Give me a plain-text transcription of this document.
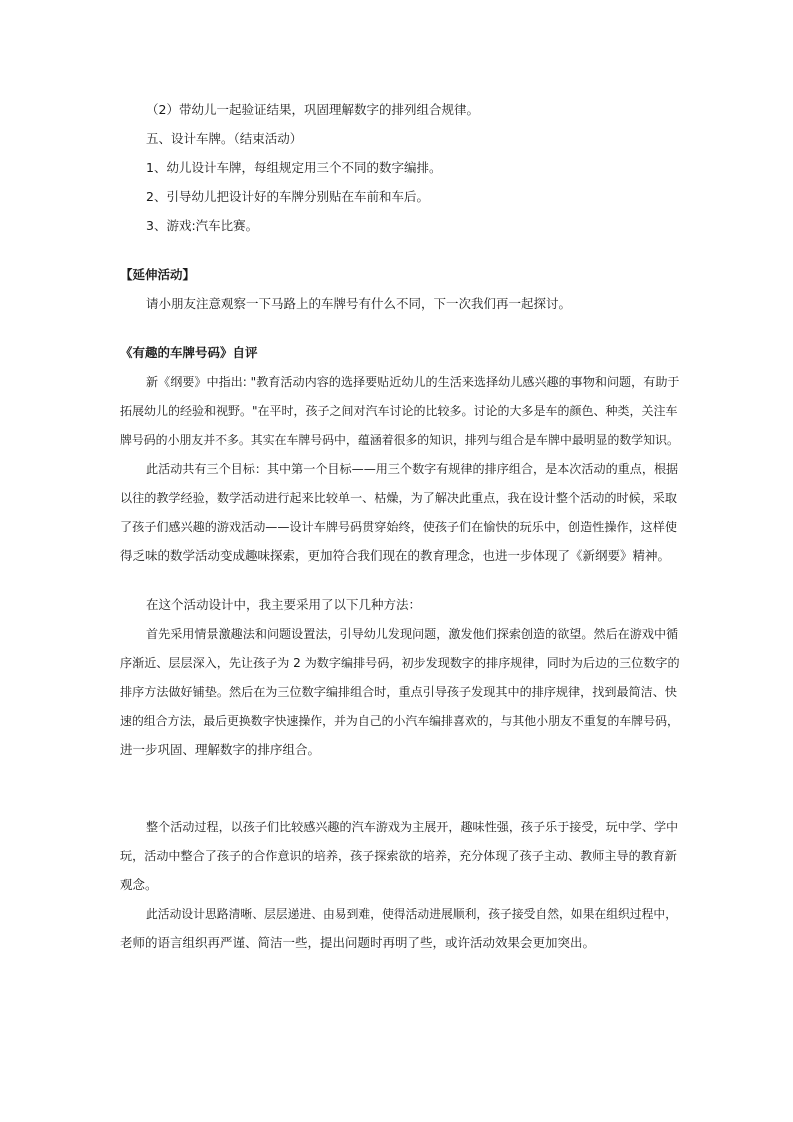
（2）带幼儿一起验证结果，巩固理解数字的排列组合规律。
五、设计车牌。（结束活动）
1、幼儿设计车牌，每组规定用三个不同的数字编排。
2、引导幼儿把设计好的车牌分别贴在车前和车后。
3、游戏:汽车比赛。
【延伸活动】
请小朋友注意观察一下马路上的车牌号有什么不同，下一次我们再一起探讨。
《有趣的车牌号码》自评
新《纲要》中指出: "教育活动内容的选择要贴近幼儿的生活来选择幼儿感兴趣的事物和问题，有助于
拓展幼儿的经验和视野。"在平时，孩子之间对汽车讨论的比较多。讨论的大多是车的颜色、种类，关注车
牌号码的小朋友并不多。其实在车牌号码中，蕴涵着很多的知识，排列与组合是车牌中最明显的数学知识。
此活动共有三个目标：其中第一个目标——用三个数字有规律的排序组合，是本次活动的重点，根据
以往的教学经验，数学活动进行起来比较单一、枯燥，为了解决此重点，我在设计整个活动的时候，采取
了孩子们感兴趣的游戏活动——设计车牌号码贯穿始终，使孩子们在愉快的玩乐中，创造性操作，这样使
得乏味的数学活动变成趣味探索，更加符合我们现在的教育理念，也进一步体现了《新纲要》精神。
在这个活动设计中，我主要采用了以下几种方法：
首先采用情景激趣法和问题设置法，引导幼儿发现问题，激发他们探索创造的欲望。然后在游戏中循
序渐近、层层深入，先让孩子为 2 为数字编排号码，初步发现数字的排序规律，同时为后边的三位数字的
排序方法做好铺垫。然后在为三位数字编排组合时，重点引导孩子发现其中的排序规律，找到最简洁、快
速的组合方法，最后更换数字快速操作，并为自己的小汽车编排喜欢的，与其他小朋友不重复的车牌号码，
进一步巩固、理解数字的排序组合。
整个活动过程，以孩子们比较感兴趣的汽车游戏为主展开，趣味性强，孩子乐于接受，玩中学、学中
玩，活动中整合了孩子的合作意识的培养，孩子探索欲的培养，充分体现了孩子主动、教师主导的教育新
观念。
此活动设计思路清晰、层层递进、由易到难，使得活动进展顺利，孩子接受自然，如果在组织过程中，
老师的语言组织再严谨、简洁一些，提出问题时再明了些，或许活动效果会更加突出。
